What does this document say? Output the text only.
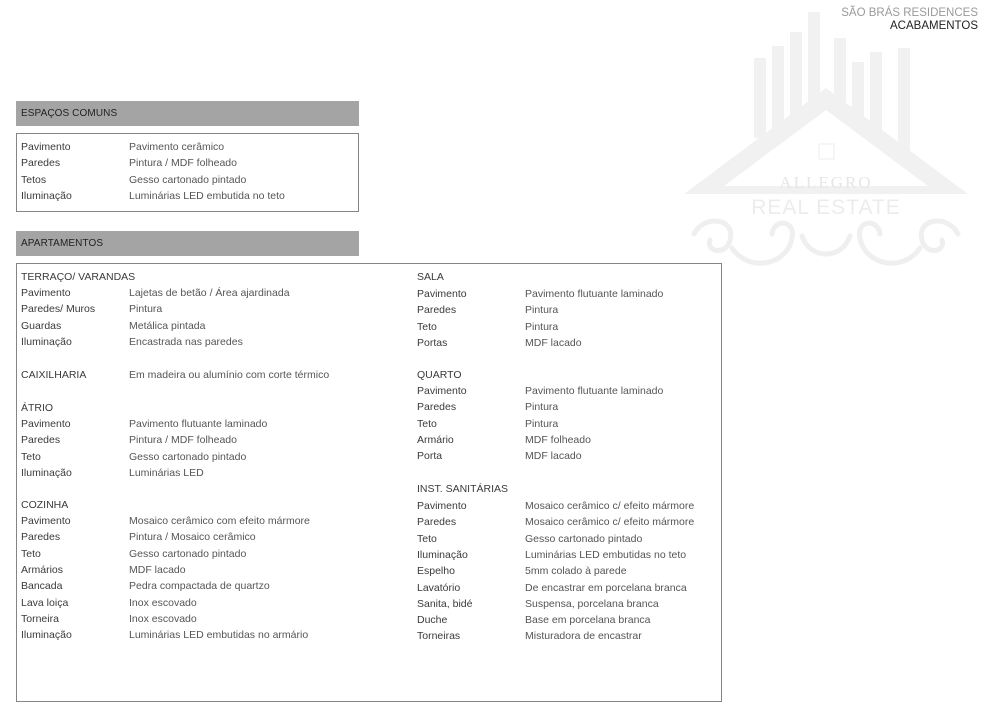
SÃO BRÁS RESIDENCES
ACABAMENTOS
ALLEGRO
REAL ESTATE
ESPAÇOS COMUNS
Pavimento	Pavimento cerâmico
Paredes	Pintura / MDF folheado
Tetos	Gesso cartonado pintado
Iluminação	Luminárias LED embutida no teto
APARTAMENTOS
TERRAÇO/ VARANDAS
Pavimento	Lajetas de betão / Área ajardinada
Paredes/ Muros	Pintura
Guardas	Metálica pintada
Iluminação	Encastrada nas paredes
CAIXILHARIA	Em madeira ou alumínio com corte térmico
ÁTRIO
Pavimento	Pavimento flutuante laminado
Paredes	Pintura / MDF folheado
Teto	Gesso cartonado pintado
Iluminação	Luminárias LED
COZINHA
Pavimento	Mosaico cerâmico com efeito mármore
Paredes	Pintura / Mosaico cerâmico
Teto	Gesso cartonado pintado
Armários	MDF lacado
Bancada	Pedra compactada de quartzo
Lava loiça	Inox escovado
Torneira	Inox escovado
Iluminação	Luminárias LED embutidas no armário
SALA
Pavimento	Pavimento flutuante laminado
Paredes	Pintura
Teto	Pintura
Portas	MDF lacado
QUARTO
Pavimento	Pavimento flutuante laminado
Paredes	Pintura
Teto	Pintura
Armário	MDF folheado
Porta	MDF lacado
INST. SANITÁRIAS
Pavimento	Mosaico cerâmico c/ efeito mármore
Paredes	Mosaico cerâmico c/ efeito mármore
Teto	Gesso cartonado pintado
Iluminação	Luminárias LED embutidas no teto
Espelho	5mm colado à parede
Lavatório	De encastrar em porcelana branca
Sanita, bidé	Suspensa, porcelana branca
Duche	Base em porcelana branca
Torneiras	Misturadora de encastrar
